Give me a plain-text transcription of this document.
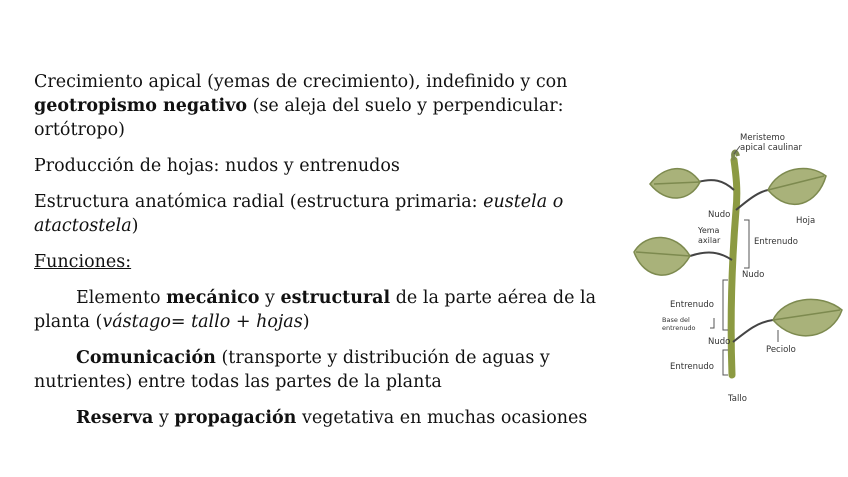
Crecimiento apical (yemas de crecimiento), indefinido y con geotropismo negativo (se aleja del suelo y perpendicular: ortótropo)

Producción de hojas: nudos y entrenudos

Estructura anatómica radial (estructura primaria: eustela o atactostela)

Funciones:

Elemento mecánico y estructural de la parte aérea de la planta (vástago= tallo + hojas)

Comunicación (transporte y distribución de aguas y nutrientes) entre todas las partes de la planta

Reserva y propagación vegetativa en muchas ocasiones

Meristemo
apical caulinar
Nudo
Hoja
Yema
axilar	Entrenudo
Nudo
Entrenudo
Base del
entrenudo
Nudo
Peciolo
Entrenudo
Tallo
